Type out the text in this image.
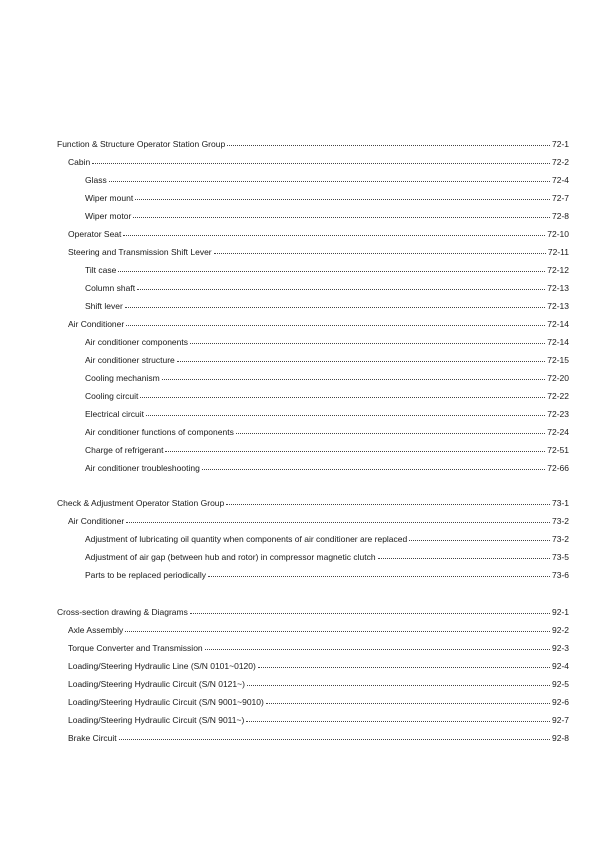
Function & Structure Operator Station Group	72-1
Cabin	72-2
Glass	72-4
Wiper mount	72-7
Wiper motor	72-8
Operator Seat	72-10
Steering and Transmission Shift Lever	72-11
Tilt case	72-12
Column shaft	72-13
Shift lever	72-13
Air Conditioner	72-14
Air conditioner components	72-14
Air conditioner structure	72-15
Cooling mechanism	72-20
Cooling circuit	72-22
Electrical circuit	72-23
Air conditioner functions of components	72-24
Charge of refrigerant	72-51
Air conditioner troubleshooting	72-66
Check & Adjustment Operator Station Group	73-1
Air Conditioner	73-2
Adjustment of lubricating oil quantity when components of air conditioner are replaced	73-2
Adjustment of air gap (between hub and rotor) in compressor magnetic clutch	73-5
Parts to be replaced periodically	73-6
Cross-section drawing & Diagrams	92-1
Axle Assembly	92-2
Torque Converter and Transmission	92-3
Loading/Steering Hydraulic Line (S/N 0101~0120)	92-4
Loading/Steering Hydraulic Circuit (S/N 0121~)	92-5
Loading/Steering Hydraulic Circuit (S/N 9001~9010)	92-6
Loading/Steering Hydraulic Circuit (S/N 9011~)	92-7
Brake Circuit	92-8
